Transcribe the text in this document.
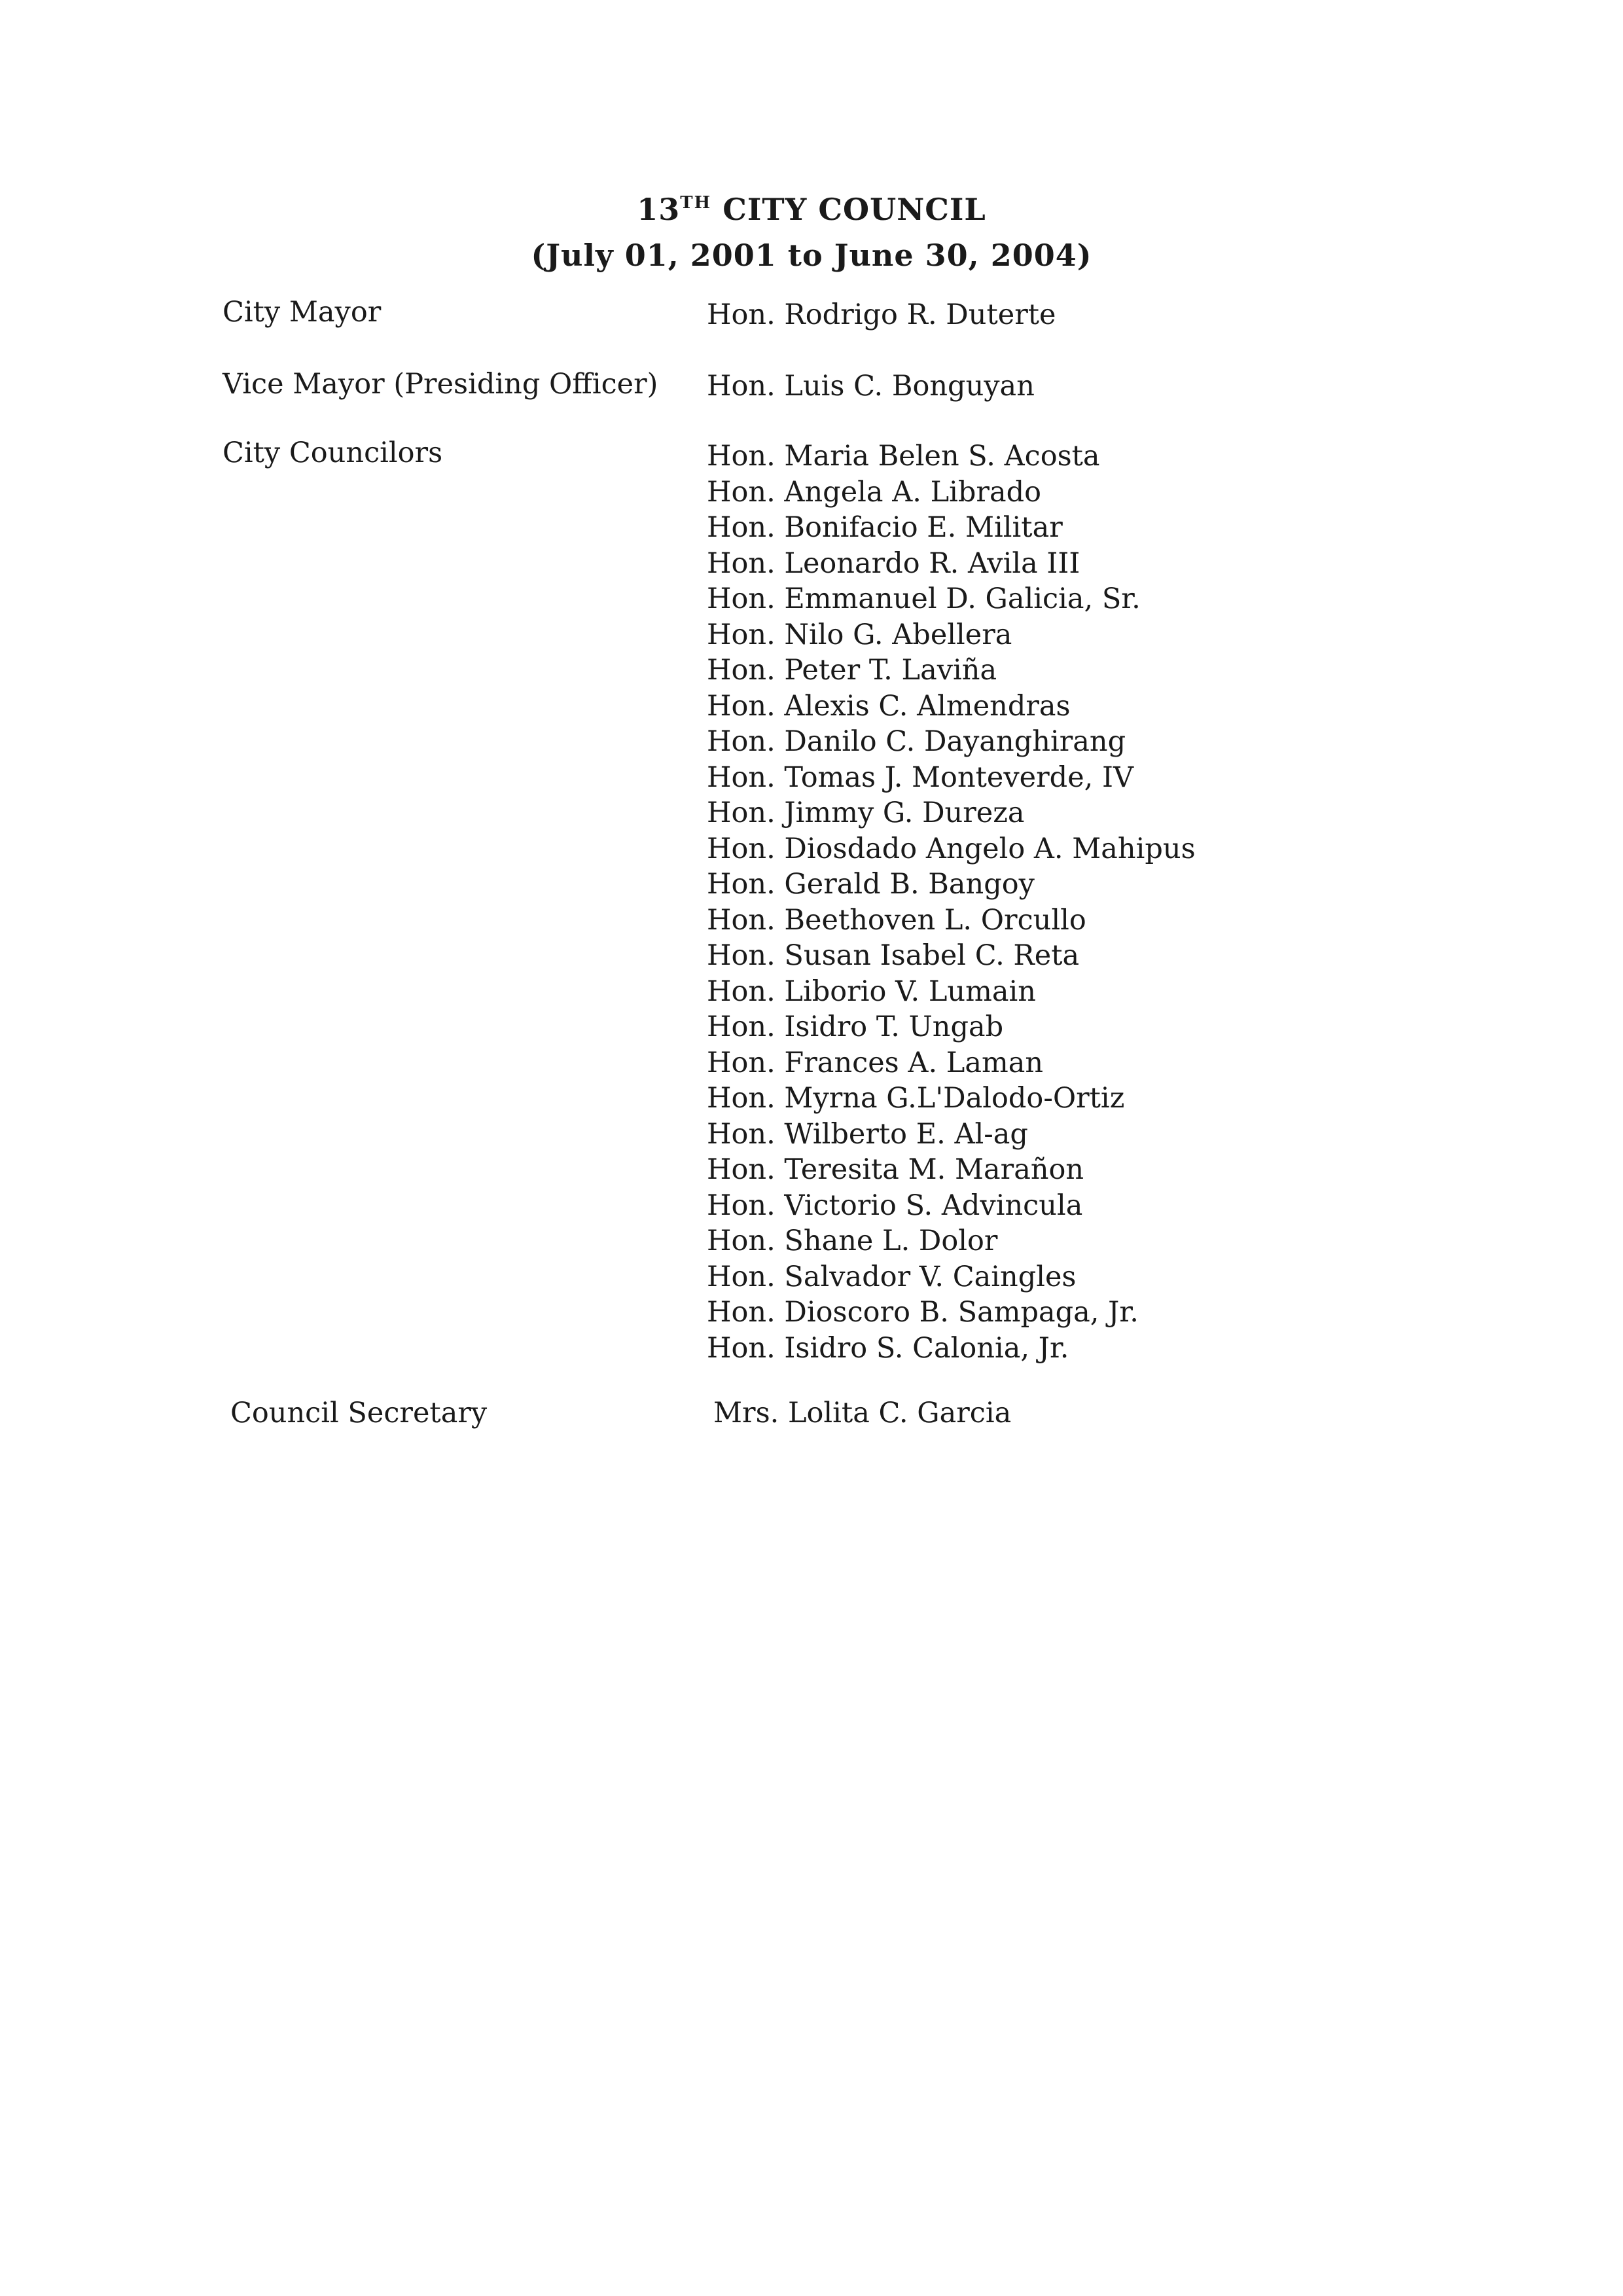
13TH CITY COUNCIL
(July 01, 2001 to June 30, 2004)
City Mayor	Hon. Rodrigo R. Duterte
Vice Mayor (Presiding Officer) Hon. Luis C. Bonguyan
City Councilors	Hon. Maria Belen S. Acosta
Hon. Angela A. Librado
Hon. Bonifacio E. Militar
Hon. Leonardo R. Avila III
Hon. Emmanuel D. Galicia, Sr.
Hon. Nilo G. Abellera
Hon. Peter T. Laviña
Hon. Alexis C. Almendras
Hon. Danilo C. Dayanghirang
Hon. Tomas J. Monteverde, IV
Hon. Jimmy G. Dureza
Hon. Diosdado Angelo A. Mahipus
Hon. Gerald B. Bangoy
Hon. Beethoven L. Orcullo
Hon. Susan Isabel C. Reta
Hon. Liborio V. Lumain
Hon. Isidro T. Ungab
Hon. Frances A. Laman
Hon. Myrna G.L'Dalodo-Ortiz
Hon. Wilberto E. Al-ag
Hon. Teresita M. Marañon
Hon. Victorio S. Advincula
Hon. Shane L. Dolor
Hon. Salvador V. Caingles
Hon. Dioscoro B. Sampaga, Jr.
Hon. Isidro S. Calonia, Jr.
Council Secretary	Mrs. Lolita C. Garcia
